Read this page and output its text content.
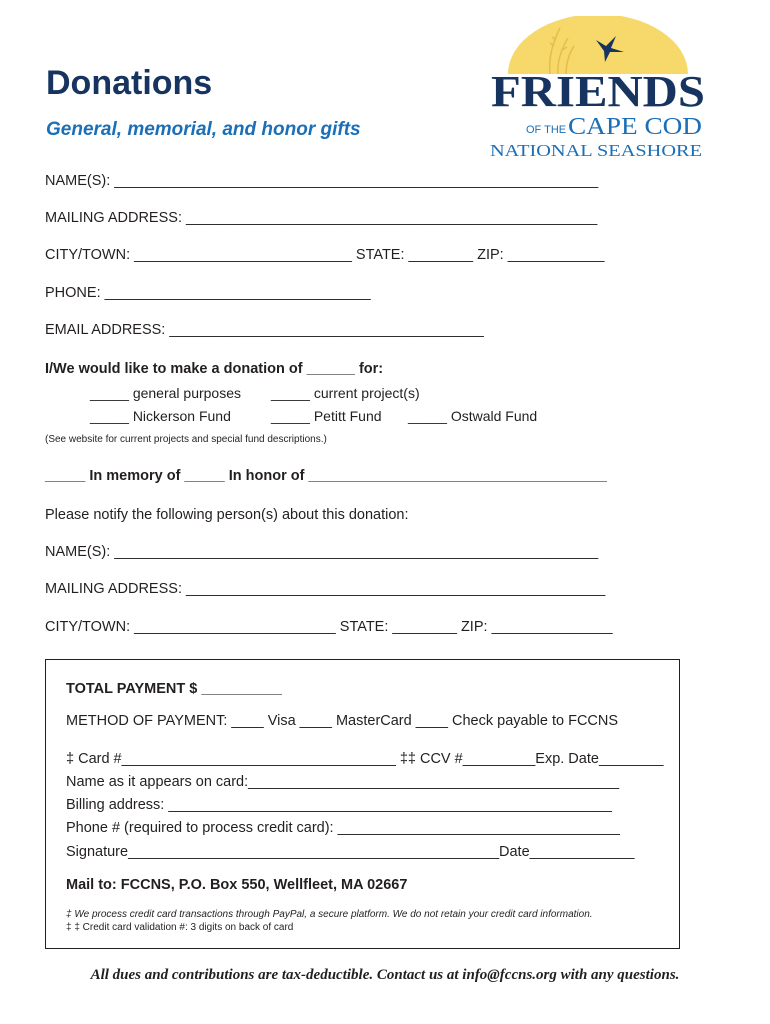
Donations
General, memorial, and honor gifts
FRIENDS
OF THE CAPE COD
NATIONAL SEASHORE
NAME(S): ____________________________________________________________
MAILING ADDRESS: ___________________________________________________
CITY/TOWN: ___________________________ STATE: ________ ZIP: ____________
PHONE: _________________________________
EMAIL ADDRESS: _______________________________________
I/We would like to make a donation of ______ for:
_____ general purposes _____ current project(s)
_____ Nickerson Fund	_____ Petitt Fund _____ Ostwald Fund
(See website for current projects and special fund descriptions.)
_____ In memory of _____ In honor of _____________________________________
Please notify the following person(s) about this donation:
NAME(S): ____________________________________________________________
MAILING ADDRESS: ____________________________________________________
CITY/TOWN: _________________________ STATE: ________ ZIP: _______________
TOTAL PAYMENT $ __________
METHOD OF PAYMENT: ____ Visa ____ MasterCard ____ Check payable to FCCNS
‡ Card #__________________________________ ‡‡ CCV #_________Exp. Date________
Name as it appears on card:______________________________________________
Billing address: _______________________________________________________
Phone # (required to process credit card): ___________________________________
Signature______________________________________________Date_____________
Mail to: FCCNS, P.O. Box 550, Wellfleet, MA 02667
‡ We process credit card transactions through PayPal, a secure platform. We do not retain your credit card information.
‡ ‡ Credit card validation #: 3 digits on back of card
All dues and contributions are tax-deductible. Contact us at info@fccns.org with any questions.
